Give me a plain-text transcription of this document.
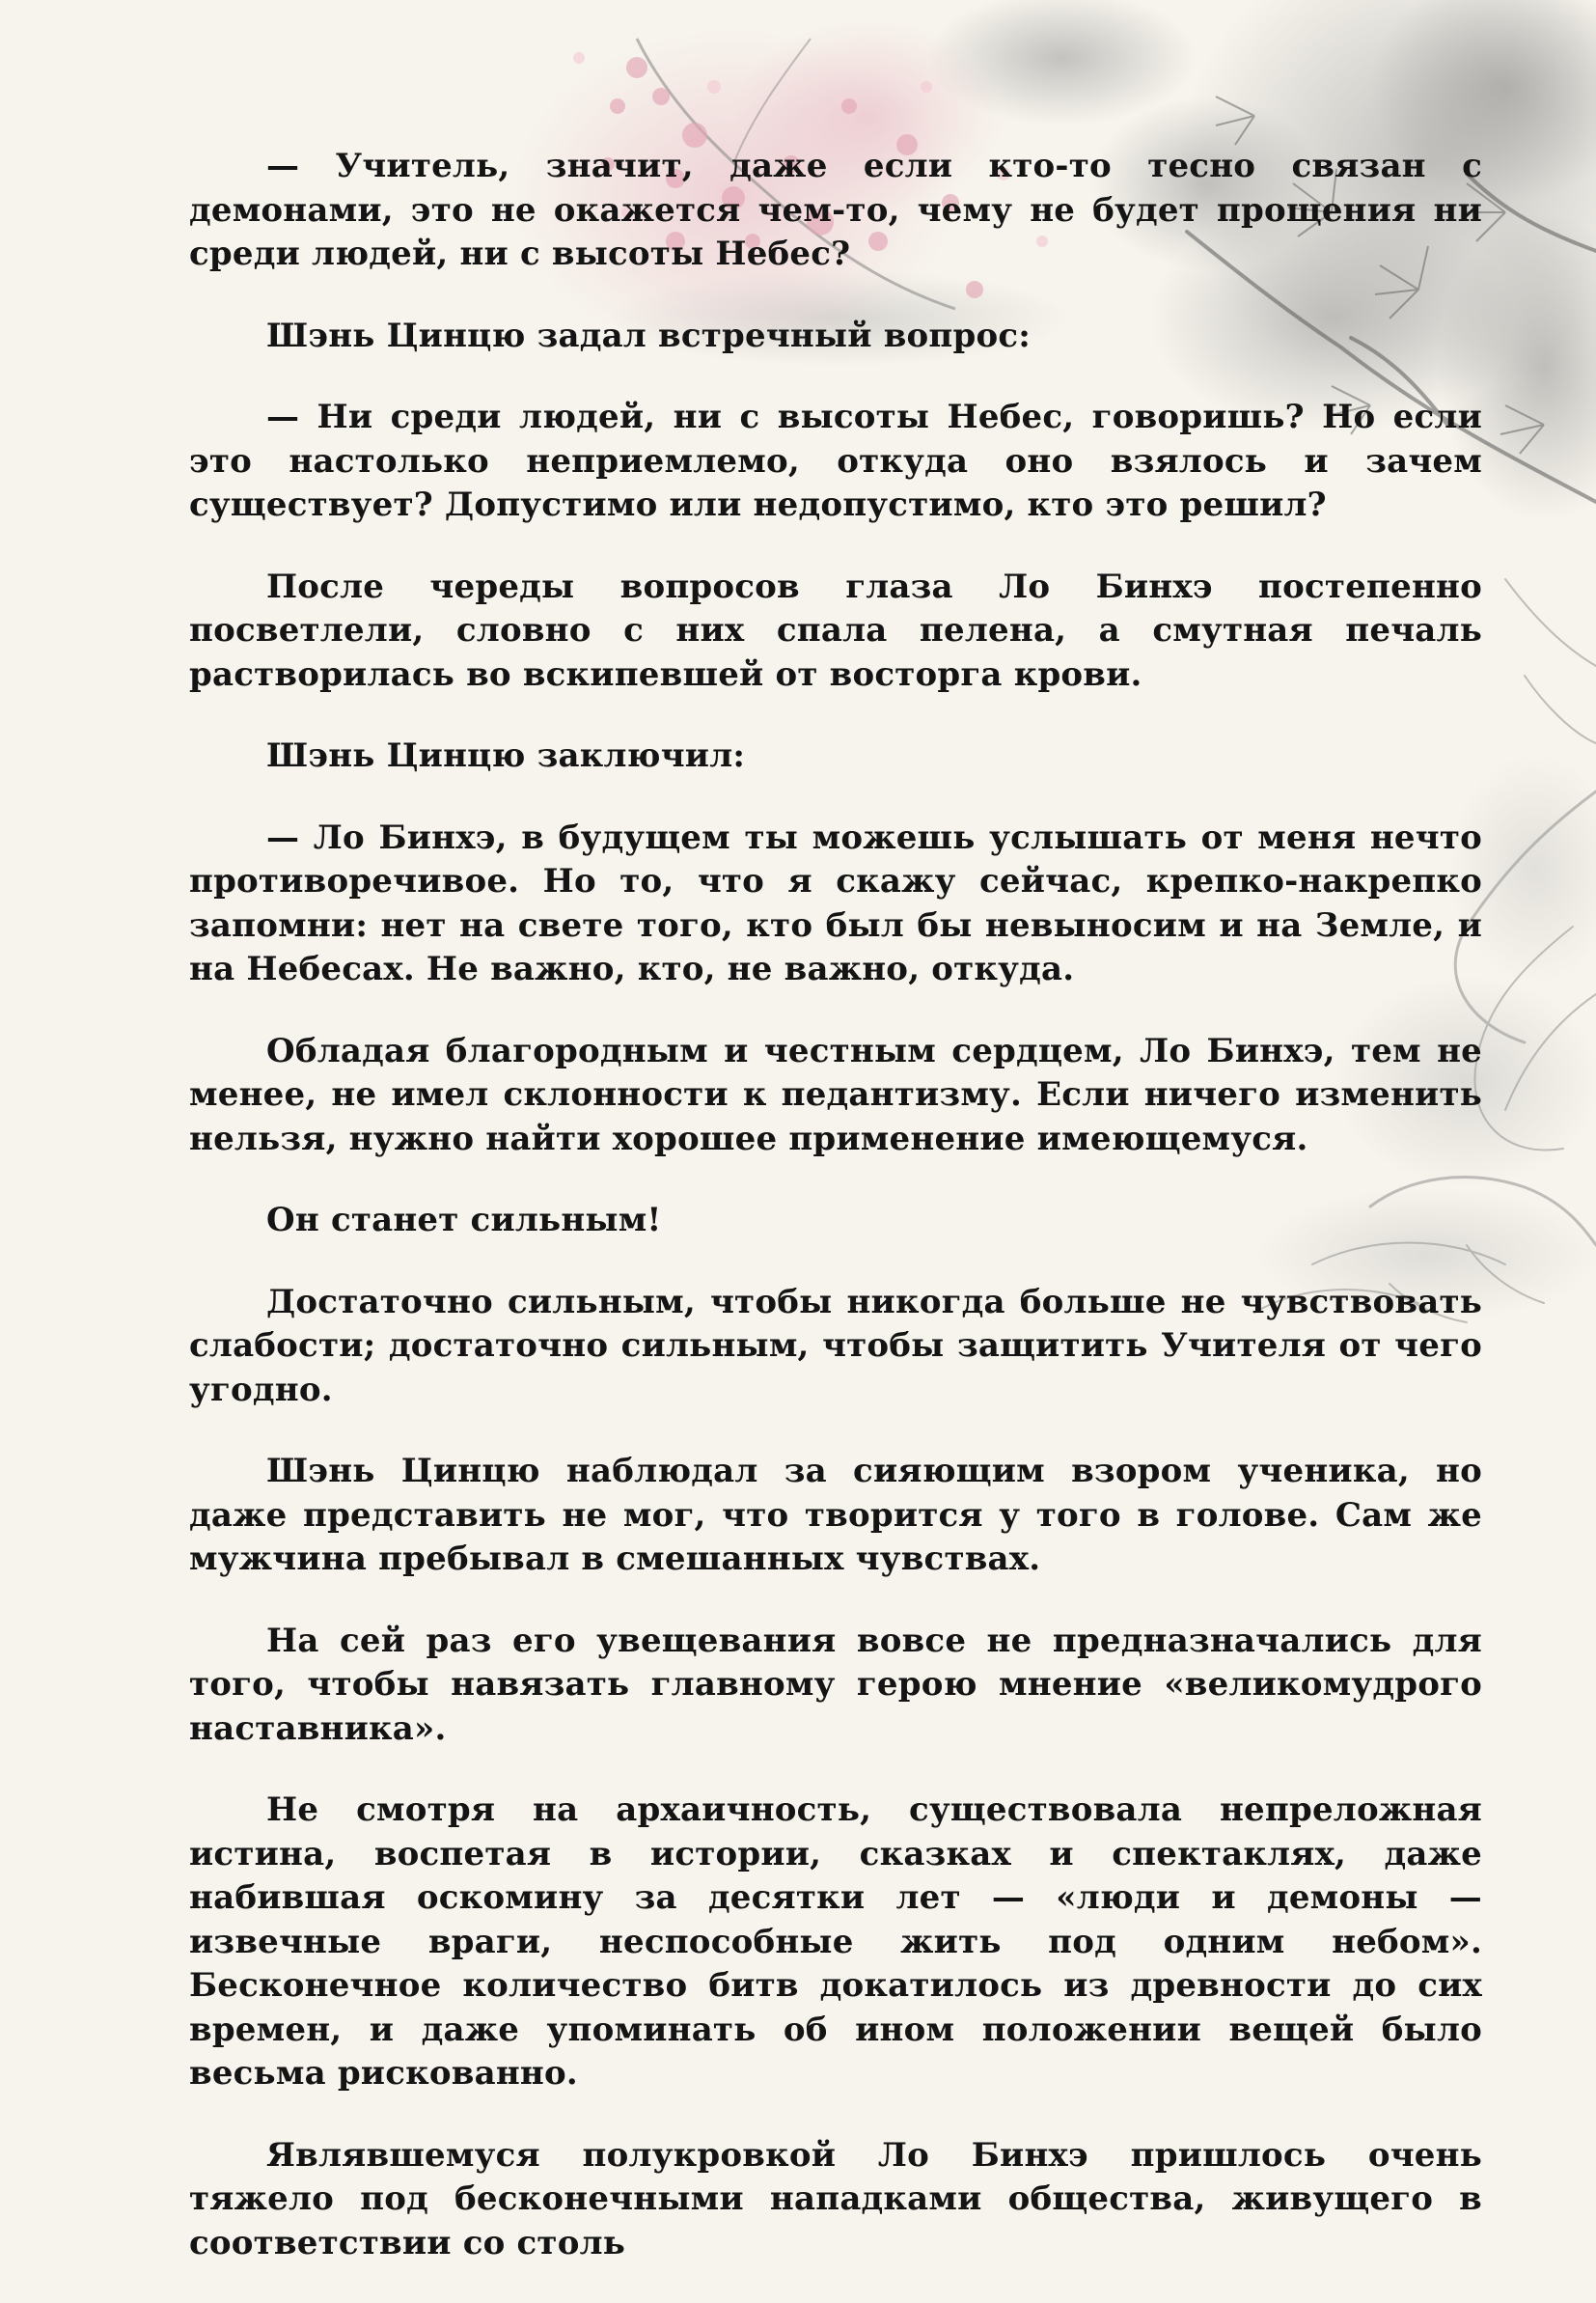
— Учитель, значит, даже если кто-то тесно связан с демонами, это не окажется чем-то, чему не будет прощения ни среди людей, ни с высоты Небес?

Шэнь Цинцю задал встречный вопрос:

— Ни среди людей, ни с высоты Небес, говоришь? Но если это настолько неприемлемо, откуда оно взялось и зачем существует? Допустимо или недопустимо, кто это решил?

После череды вопросов глаза Ло Бинхэ постепенно посветлели, словно с них спала пелена, а смутная печаль растворилась во вскипевшей от восторга крови.

Шэнь Цинцю заключил:

— Ло Бинхэ, в будущем ты можешь услышать от меня нечто противоречивое. Но то, что я скажу сейчас, крепко-накрепко запомни: нет на свете того, кто был бы невыносим и на Земле, и на Небесах. Не важно, кто, не важно, откуда.

Обладая благородным и честным сердцем, Ло Бинхэ, тем не менее, не имел склонности к педантизму. Если ничего изменить нельзя, нужно найти хорошее применение имеющемуся.

Он станет сильным!

Достаточно сильным, чтобы никогда больше не чувствовать слабости; достаточно сильным, чтобы защитить Учителя от чего угодно.

Шэнь Цинцю наблюдал за сияющим взором ученика, но даже представить не мог, что творится у того в голове. Сам же мужчина пребывал в смешанных чувствах.

На сей раз его увещевания вовсе не предназначались для того, чтобы навязать главному герою мнение «великомудрого наставника».

Не смотря на архаичность, существовала непреложная истина, воспетая в истории, сказках и спектаклях, даже набившая оскомину за десятки лет — «люди и демоны — извечные враги, неспособные жить под одним небом». Бесконечное количество битв докатилось из древности до сих времен, и даже упоминать об ином положении вещей было весьма рискованно.

Являвшемуся полукровкой Ло Бинхэ пришлось очень тяжело под бесконечными нападками общества, живущего в соответствии со столь
